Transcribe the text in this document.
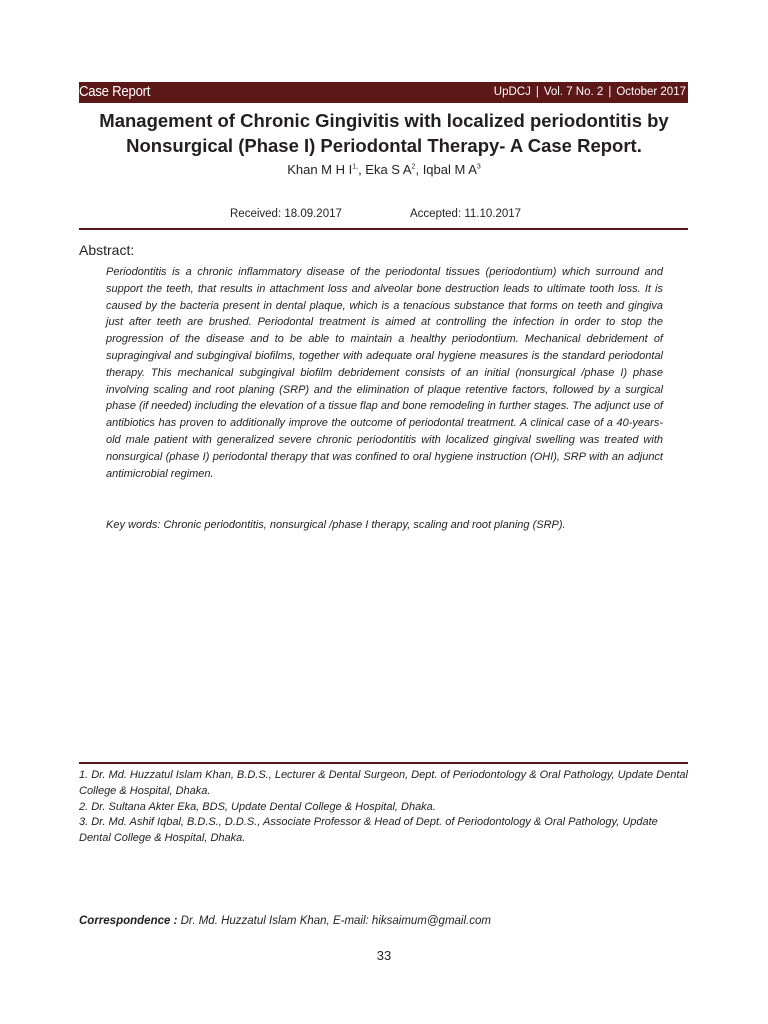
Case Report	UpDCJ | Vol. 7 No. 2 | October 2017
Management of Chronic Gingivitis with localized periodontitis by Nonsurgical (Phase I) Periodontal Therapy- A Case Report.
Khan M H $I^{1,}$, Eka S $A^2$, Iqbal M $A^3$
Received: 18.09.2017	Accepted: 11.10.2017
Abstract:

Periodontitis is a chronic inflammatory disease of the periodontal tissues (periodontium) which surround and support the teeth, that results in attachment loss and alveolar bone destruction leads to ultimate tooth loss. It is caused by the bacteria present in dental plaque, which is a tenacious substance that forms on teeth and gingiva just after teeth are brushed. Periodontal treatment is aimed at controlling the infection in order to stop the progression of the disease and to be able to maintain a healthy periodontium. Mechanical debridement of supragingival and subgingival biofilms, together with adequate oral hygiene measures is the standard periodontal therapy. This mechanical subgingival biofilm debridement consists of an initial (nonsurgical /phase I) phase involving scaling and root planing (SRP) and the elimination of plaque retentive factors, followed by a surgical phase (if needed) including the elevation of a tissue flap and bone remodeling in further stages. The adjunct use of antibiotics has proven to additionally improve the outcome of periodontal treatment. A clinical case of a 40-years-old male patient with generalized severe chronic periodontitis with localized gingival swelling was treated with nonsurgical (phase I) periodontal therapy that was confined to oral hygiene instruction (OHI), SRP with an adjunct antimicrobial regimen.

Key words: Chronic periodontitis, nonsurgical /phase I therapy, scaling and root planing (SRP).
1. Dr. Md. Huzzatul Islam Khan, B.D.S., Lecturer & Dental Surgeon, Dept. of Periodontology & Oral Pathology, Update Dental College & Hospital, Dhaka.
2. Dr. Sultana Akter Eka, BDS, Update Dental College & Hospital, Dhaka.
3. Dr. Md. Ashif Iqbal, B.D.S., D.D.S., Associate Professor & Head of Dept. of Periodontology & Oral Pathology, Update Dental College & Hospital, Dhaka.
Correspondence : Dr. Md. Huzzatul Islam Khan, E-mail: hiksaimum@gmail.com
33
